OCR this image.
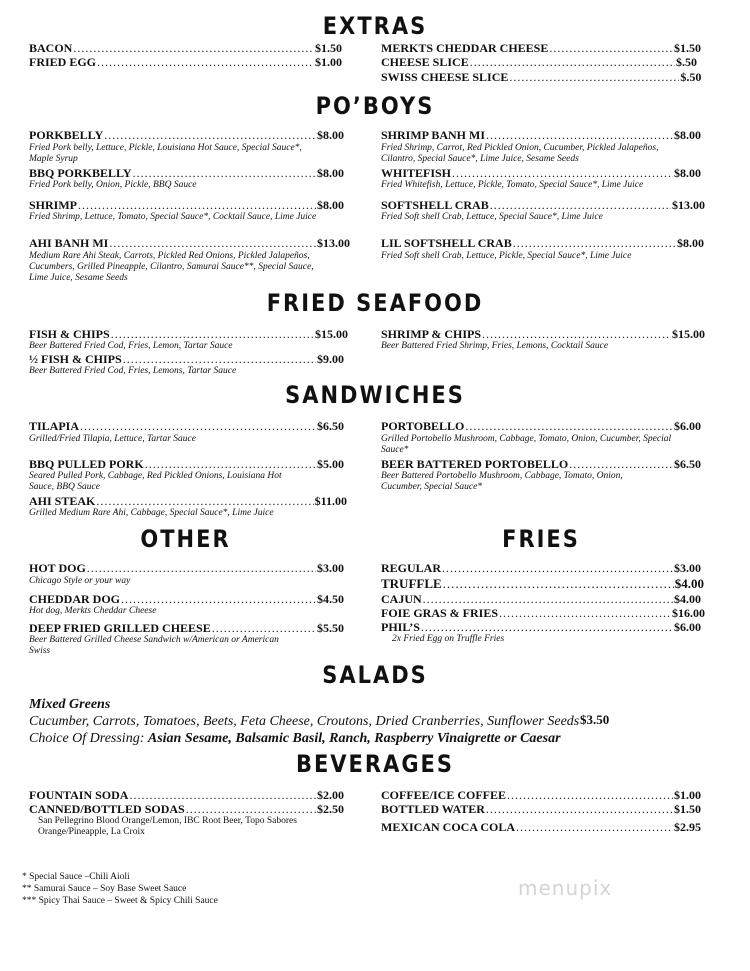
EXTRAS
PO’BOYS
FRIED SEAFOOD
SANDWICHES
OTHER	FRIES
SALADS
BEVERAGES
BACON .....	$1.50
FRIED EGG .....	$1.00
MERKTS CHEDDAR CHEESE .....	$1.50
CHEESE SLICE .....	$.50
SWISS CHEESE SLICE .....	$.50
PORKBELLY .....	$8.00
Fried Pork belly, Lettuce, Pickle, Louisiana Hot Sauce, Special Sauce*, Maple Syrup
BBQ PORKBELLY .....	$8.00
Fried Pork belly, Onion, Pickle, BBQ Sauce
SHRIMP .....	$8.00
Fried Shrimp, Lettuce, Tomato, Special Sauce*, Cocktail Sauce, Lime Juice
AHI BANH MI .....	$13.00
Medium Rare Ahi Steak, Carrots, Pickled Red Onions, Pickled Jalapeños, Cucumbers, Grilled Pineapple, Cilantro, Samurai Sauce**, Special Sauce, Lime Juice, Sesame Seeds
SHRIMP BANH MI .....	$8.00
Fried Shrimp, Carrot, Red Pickled Onion, Cucumber, Pickled Jalapeños, Cilantro, Special Sauce*, Lime Juice, Sesame Seeds
WHITEFISH .....	$8.00
Fried Whitefish, Lettuce, Pickle, Tomato, Special Sauce*, Lime Juice
SOFTSHELL CRAB .....	$13.00
Fried Soft shell Crab, Lettuce, Special Sauce*, Lime Juice
LIL SOFTSHELL CRAB .....	$8.00
Fried Soft shell Crab, Lettuce, Pickle, Special Sauce*, Lime Juice
FISH & CHIPS .....	$15.00
Beer Battered Fried Cod, Fries, Lemon, Tartar Sauce
½ FISH & CHIPS .....	$9.00
Beer Battered Fried Cod, Fries, Lemons, Tartar Sauce
SHRIMP & CHIPS .....	$15.00
Beer Battered Fried Shrimp, Fries, Lemons, Cocktail Sauce
TILAPIA .....	$6.50
Grilled/Fried Tilapia, Lettuce, Tartar Sauce
BBQ PULLED PORK .....	$5.00
Seared Pulled Pork, Cabbage, Red Pickled Onions, Louisiana Hot Sauce, BBQ Sauce
AHI STEAK .....	$11.00
Grilled Medium Rare Ahi, Cabbage, Special Sauce*, Lime Juice
PORTOBELLO .....	$6.00
Grilled Portobello Mushroom, Cabbage, Tomato, Onion, Cucumber, Special Sauce*
BEER BATTERED PORTOBELLO .....	$6.50
Beer Battered Portobello Mushroom, Cabbage, Tomato, Onion, Cucumber, Special Sauce*
HOT DOG .....	$3.00
Chicago Style or your way
CHEDDAR DOG .....	$4.50
Hot dog, Merkts Cheddar Cheese
DEEP FRIED GRILLED CHEESE .....	$5.50
Beer Battered Grilled Cheese Sandwich w/American or American Swiss
REGULAR .....	$3.00
TRUFFLE .....	$4.00
CAJUN .....	$4.00
FOIE GRAS & FRIES .....	$16.00
PHIL’S .....	$6.00
2x Fried Egg on Truffle Fries
Mixed Greens
Cucumber, Carrots, Tomatoes, Beets, Feta Cheese, Croutons, Dried Cranberries, Sunflower Seeds
Choice Of Dressing: Asian Sesame, Balsamic Basil, Ranch, Raspberry Vinaigrette or Caesar
$3.50
FOUNTAIN SODA .....	$2.00
CANNED/BOTTLED SODAS .....	$2.50
San Pellegrino Blood Orange/Lemon, IBC Root Beer, Topo Sabores Orange/Pineapple, La Croix
COFFEE/ICE COFFEE .....	$1.00
BOTTLED WATER .....	$1.50
MEXICAN COCA COLA .....	$2.95
* Special Sauce –Chili Aioli
** Samurai Sauce – Soy Base Sweet Sauce
*** Spicy Thai Sauce – Sweet & Spicy Chili Sauce
menupix
